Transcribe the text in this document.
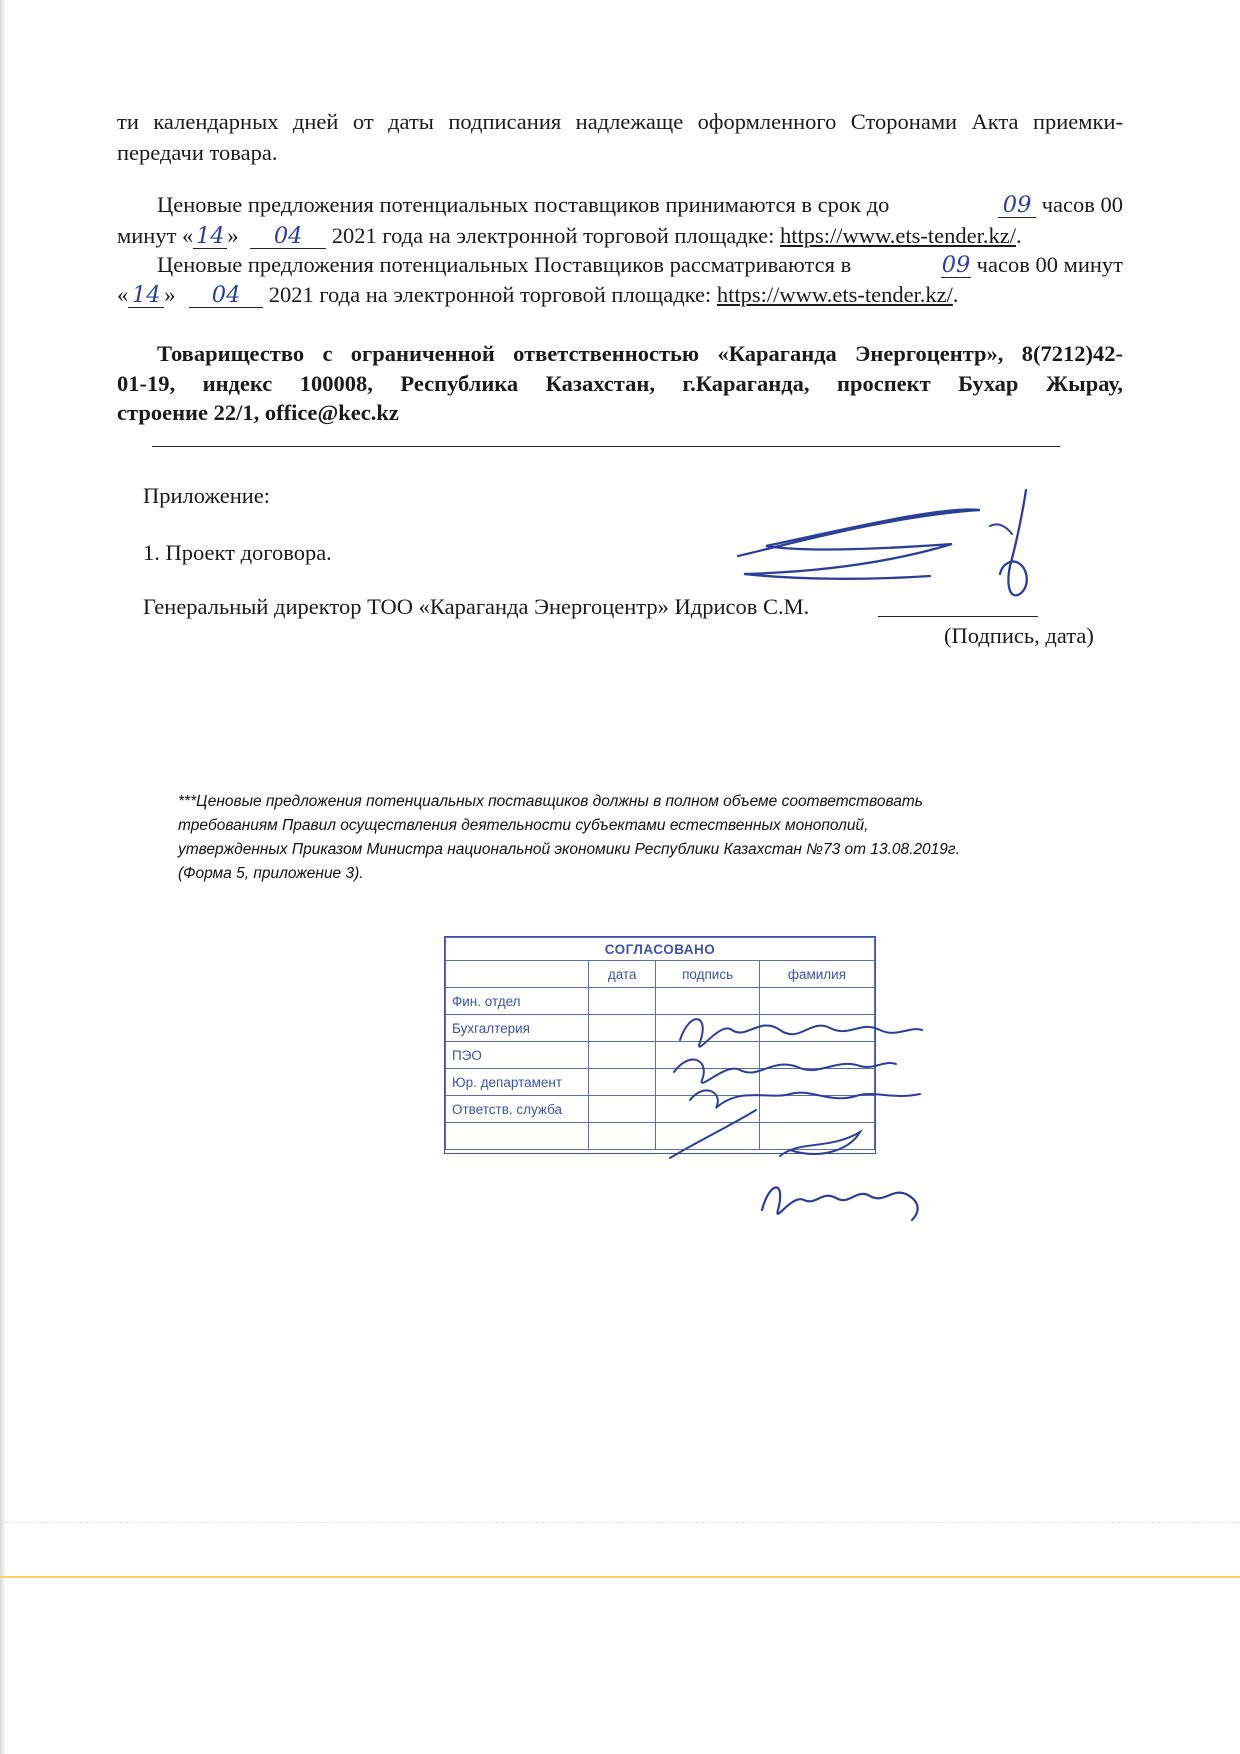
ти календарных дней от даты подписания надлежаще оформленного Сторонами Акта приемки-

передачи товара.

Ценовые предложения потенциальных поставщиков принимаются в срок до	09 часов 00
минут « 14 » 04 2021 года на электронной торговой площадке: https://www.ets-tender.kz/.
Ценовые предложения потенциальных Поставщиков рассматриваются в	09 часов 00 минут
« 14 » 04 2021 года на электронной торговой площадке: https://www.ets-tender.kz/.

Товарищество с ограниченной ответственностью «Караганда Энергоцентр», 8(7212)42-

01-19, индекс 100008, Республика Казахстан, г.Караганда, проспект Бухар Жырау,

строение 22/1, office@kec.kz

Приложение:

1. Проект договора.

Генеральный директор ТОО «Караганда Энергоцентр» Идрисов С.М.

(Подпись, дата)

***Ценовые предложения потенциальных поставщиков должны в полном объеме соответствовать
требованиям Правил осуществления деятельности субъектами естественных монополий,
утвержденных Приказом Министра национальной экономики Республики Казахстан №73 от 13.08.2019г.
(Форма 5, приложение 3).
СОГЛАСОВАНО			
	дата	подпись	фамилия
Фин. отдел			
Бухгалтерия			
ПЭО			
Юр. департамент			
Ответств. служба			
